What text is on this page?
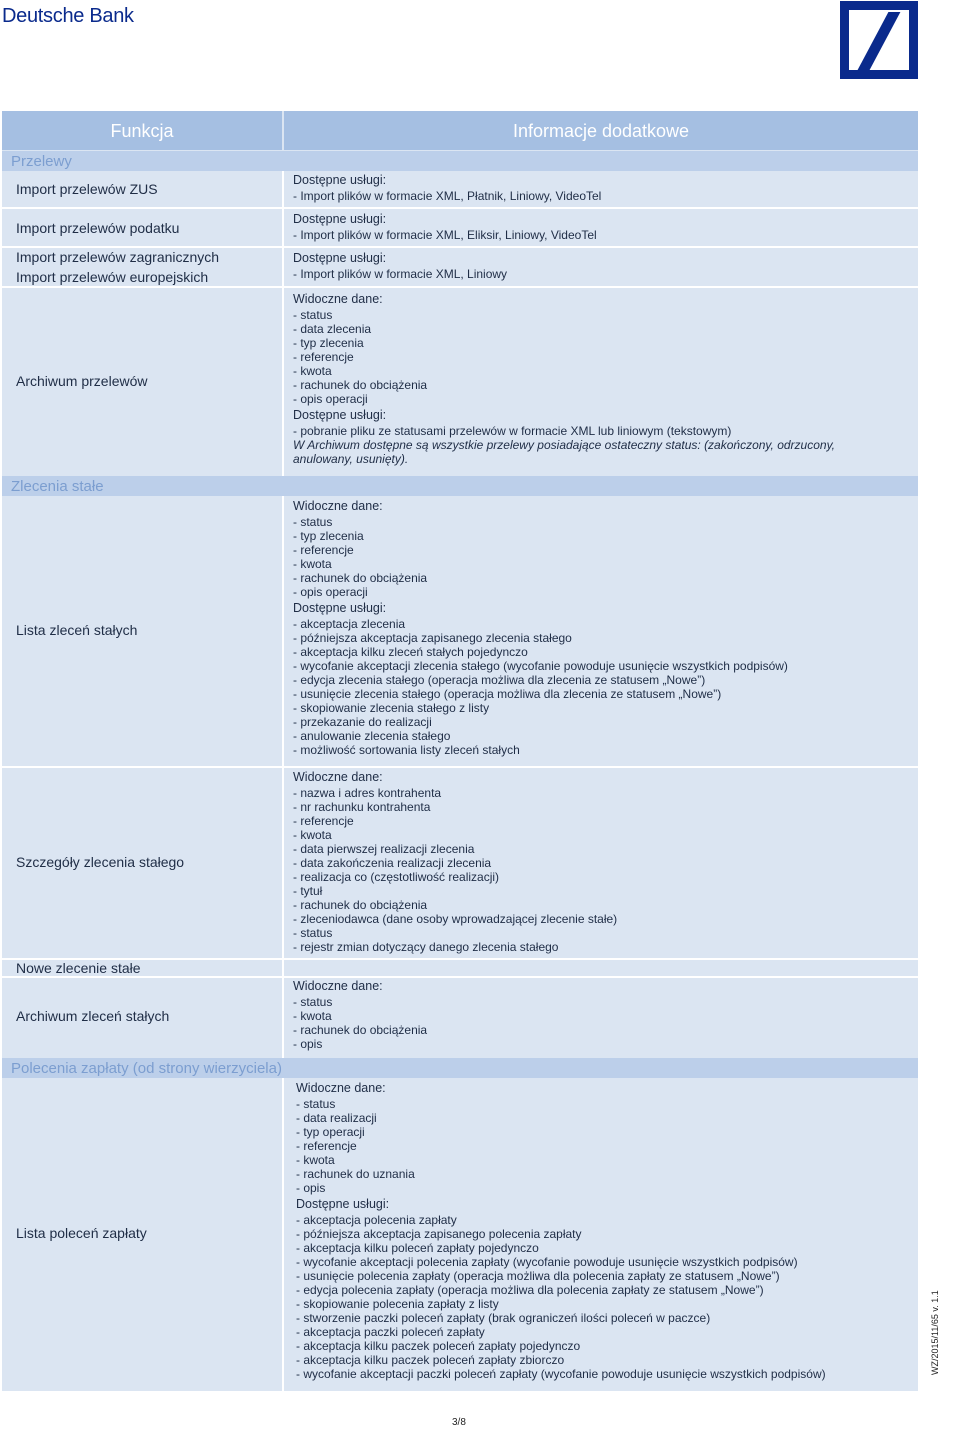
Deutsche Bank
Funkcja	Informacje dodatkowe
Przelewy
Import przelewów ZUS
Dostępne usługi:
- Import plików w formacie XML, Płatnik, Liniowy, VideoTel
Import przelewów podatku
Dostępne usługi:
- Import plików w formacie XML, Eliksir, Liniowy, VideoTel
Import przelewów zagranicznych
Import przelewów europejskich
Dostępne usługi:
- Import plików w formacie XML, Liniowy
Archiwum przelewów
Widoczne dane:
- status
- data zlecenia
- typ zlecenia
- referencje
- kwota
- rachunek do obciążenia
- opis operacji
Dostępne usługi:
- pobranie pliku ze statusami przelewów w formacie XML lub liniowym (tekstowym)
W Archiwum dostępne są wszystkie przelewy posiadające ostateczny status: (zakończony, odrzucony, anulowany, usunięty).
Zlecenia stałe
Lista zleceń stałych
Widoczne dane:
- status
- typ zlecenia
- referencje
- kwota
- rachunek do obciążenia
- opis operacji
Dostępne usługi:
- akceptacja zlecenia
- późniejsza akceptacja zapisanego zlecenia stałego
- akceptacja kilku zleceń stałych pojedynczo
- wycofanie akceptacji zlecenia stałego (wycofanie powoduje usunięcie wszystkich podpisów)
- edycja zlecenia stałego (operacja możliwa dla zlecenia ze statusem „Nowe”)
- usunięcie zlecenia stałego (operacja możliwa dla zlecenia ze statusem „Nowe”)
- skopiowanie zlecenia stałego z listy
- przekazanie do realizacji
- anulowanie zlecenia stałego
- możliwość sortowania listy zleceń stałych
Szczegóły zlecenia stałego
Widoczne dane:
- nazwa i adres kontrahenta
- nr rachunku kontrahenta
- referencje
- kwota
- data pierwszej realizacji zlecenia
- data zakończenia realizacji zlecenia
- realizacja co (częstotliwość realizacji)
- tytuł
- rachunek do obciążenia
- zleceniodawca (dane osoby wprowadzającej zlecenie stałe)
- status
- rejestr zmian dotyczący danego zlecenia stałego
Nowe zlecenie stałe
Archiwum zleceń stałych
Widoczne dane:
- status
- kwota
- rachunek do obciążenia
- opis
Polecenia zapłaty (od strony wierzyciela)
Lista poleceń zapłaty
Widoczne dane:
- status
- data realizacji
- typ operacji
- referencje
- kwota
- rachunek do uznania
- opis
Dostępne usługi:
- akceptacja polecenia zapłaty
- późniejsza akceptacja zapisanego polecenia zapłaty
- akceptacja kilku poleceń zapłaty pojedynczo
- wycofanie akceptacji polecenia zapłaty (wycofanie powoduje usunięcie wszystkich podpisów)
- usunięcie polecenia zapłaty (operacja możliwa dla polecenia zapłaty ze statusem „Nowe”)
- edycja polecenia zapłaty (operacja możliwa dla polecenia zapłaty ze statusem „Nowe”)
- skopiowanie polecenia zapłaty z listy
- stworzenie paczki poleceń zapłaty (brak ograniczeń ilości poleceń w paczce)
- akceptacja paczki poleceń zapłaty
- akceptacja kilku paczek poleceń zapłaty pojedynczo
- akceptacja kilku paczek poleceń zapłaty zbiorczo
- wycofanie akceptacji paczki poleceń zapłaty (wycofanie powoduje usunięcie wszystkich podpisów)
3/8
WZ/2015/11/65 v. 1.1
